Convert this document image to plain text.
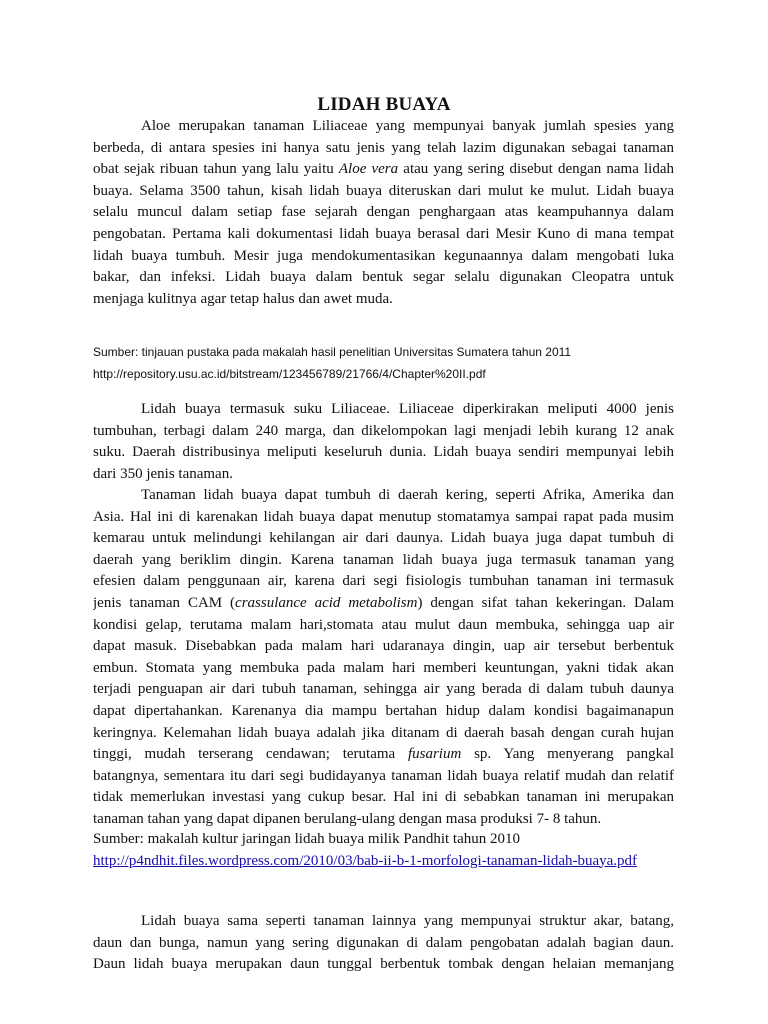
LIDAH BUAYA
Aloe merupakan tanaman Liliaceae yang mempunyai banyak jumlah spesies yang
berbeda, di antara spesies ini hanya satu jenis yang telah lazim digunakan sebagai tanaman
obat sejak ribuan tahun yang lalu yaitu Aloe vera atau yang sering disebut dengan nama lidah
buaya. Selama 3500 tahun, kisah lidah buaya diteruskan dari mulut ke mulut. Lidah buaya
selalu muncul dalam setiap fase sejarah dengan penghargaan atas keampuhannya dalam
pengobatan. Pertama kali dokumentasi lidah buaya berasal dari Mesir Kuno di mana tempat
lidah buaya tumbuh. Mesir juga mendokumentasikan kegunaannya dalam mengobati luka
bakar, dan infeksi. Lidah buaya dalam bentuk segar selalu digunakan Cleopatra untuk
menjaga kulitnya agar tetap halus dan awet muda.
Sumber: tinjauan pustaka pada makalah hasil penelitian Universitas Sumatera tahun 2011
http://repository.usu.ac.id/bitstream/123456789/21766/4/Chapter%20II.pdf
Lidah buaya termasuk suku Liliaceae. Liliaceae diperkirakan meliputi 4000 jenis
tumbuhan, terbagi dalam 240 marga, dan dikelompokan lagi menjadi lebih kurang 12 anak
suku. Daerah distribusinya meliputi keseluruh dunia. Lidah buaya sendiri mempunyai lebih
dari 350 jenis tanaman.
Tanaman lidah buaya dapat tumbuh di daerah kering, seperti Afrika, Amerika dan
Asia. Hal ini di karenakan lidah buaya dapat menutup stomatamya sampai rapat pada musim
kemarau untuk melindungi kehilangan air dari daunya. Lidah buaya juga dapat tumbuh di
daerah yang beriklim dingin. Karena tanaman lidah buaya juga termasuk tanaman yang
efesien dalam penggunaan air, karena dari segi fisiologis tumbuhan tanaman ini termasuk
jenis tanaman CAM (crassulance acid metabolism) dengan sifat tahan kekeringan. Dalam
kondisi gelap, terutama malam hari,stomata atau mulut daun membuka, sehingga uap air
dapat masuk. Disebabkan pada malam hari udaranaya dingin, uap air tersebut berbentuk
embun. Stomata yang membuka pada malam hari memberi keuntungan, yakni tidak akan
terjadi penguapan air dari tubuh tanaman, sehingga air yang berada di dalam tubuh daunya
dapat dipertahankan. Karenanya dia mampu bertahan hidup dalam kondisi bagaimanapun
keringnya. Kelemahan lidah buaya adalah jika ditanam di daerah basah dengan curah hujan
tinggi, mudah terserang cendawan; terutama fusarium sp. Yang menyerang pangkal
batangnya, sementara itu dari segi budidayanya tanaman lidah buaya relatif mudah dan relatif
tidak memerlukan investasi yang cukup besar. Hal ini di sebabkan tanaman ini merupakan
tanaman tahan yang dapat dipanen berulang-ulang dengan masa produksi 7- 8 tahun.
Sumber: makalah kultur jaringan lidah buaya milik Pandhit tahun 2010
http://p4ndhit.files.wordpress.com/2010/03/bab-ii-b-1-morfologi-tanaman-lidah-buaya.pdf
Lidah buaya sama seperti tanaman lainnya yang mempunyai struktur akar, batang,
daun dan bunga, namun yang sering digunakan di dalam pengobatan adalah bagian daun.
Daun lidah buaya merupakan daun tunggal berbentuk tombak dengan helaian memanjang
